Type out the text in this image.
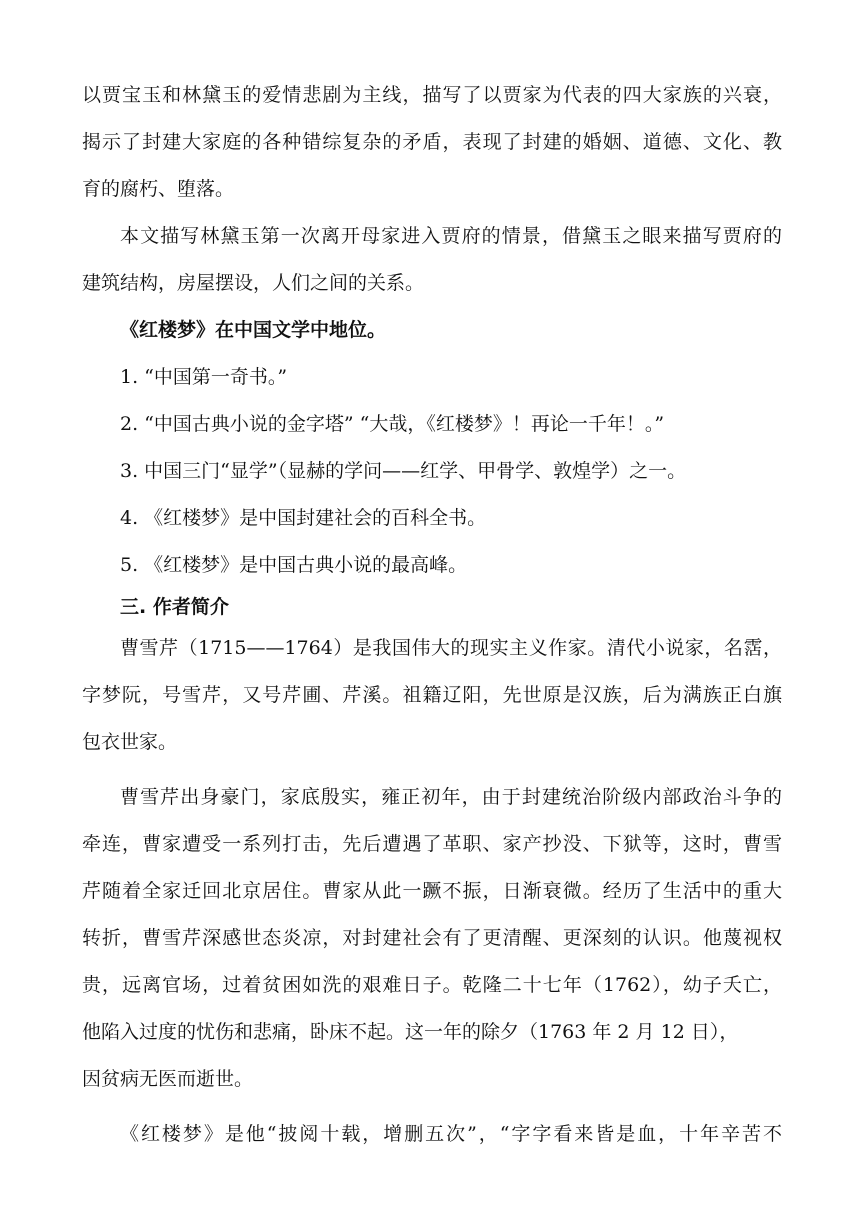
以贾宝玉和林黛玉的爱情悲剧为主线，描写了以贾家为代表的四大家族的兴衰，
揭示了封建大家庭的各种错综复杂的矛盾，表现了封建的婚姻、道德、文化、教
育的腐朽、堕落。
本文描写林黛玉第一次离开母家进入贾府的情景，借黛玉之眼来描写贾府的
建筑结构，房屋摆设，人们之间的关系。
《红楼梦》在中国文学中地位。
1. “中国第一奇书。”
2. “中国古典小说的金字塔” “大哉，《红楼梦》！再论一千年！。”
3. 中国三门“显学”（显赫的学问——红学、甲骨学、敦煌学）之一。
4. 《红楼梦》是中国封建社会的百科全书。
5. 《红楼梦》是中国古典小说的最高峰。
三. 作者简介
曹雪芹（1715——1764）是我国伟大的现实主义作家。清代小说家，名霑，
字梦阮，号雪芹，又号芹圃、芹溪。祖籍辽阳，先世原是汉族，后为满族正白旗
包衣世家。
曹雪芹出身豪门，家底殷实，雍正初年，由于封建统治阶级内部政治斗争的
牵连，曹家遭受一系列打击，先后遭遇了革职、家产抄没、下狱等，这时，曹雪
芹随着全家迁回北京居住。曹家从此一蹶不振，日渐衰微。经历了生活中的重大
转折，曹雪芹深感世态炎凉，对封建社会有了更清醒、更深刻的认识。他蔑视权
贵，远离官场，过着贫困如洗的艰难日子。乾隆二十七年（1762），幼子夭亡，
他陷入过度的忧伤和悲痛，卧床不起。这一年的除夕（1763 年 2 月 12 日），
因贫病无医而逝世。
《红楼梦》是他“披阅十载，增删五次”，“字字看来皆是血，十年辛苦不
